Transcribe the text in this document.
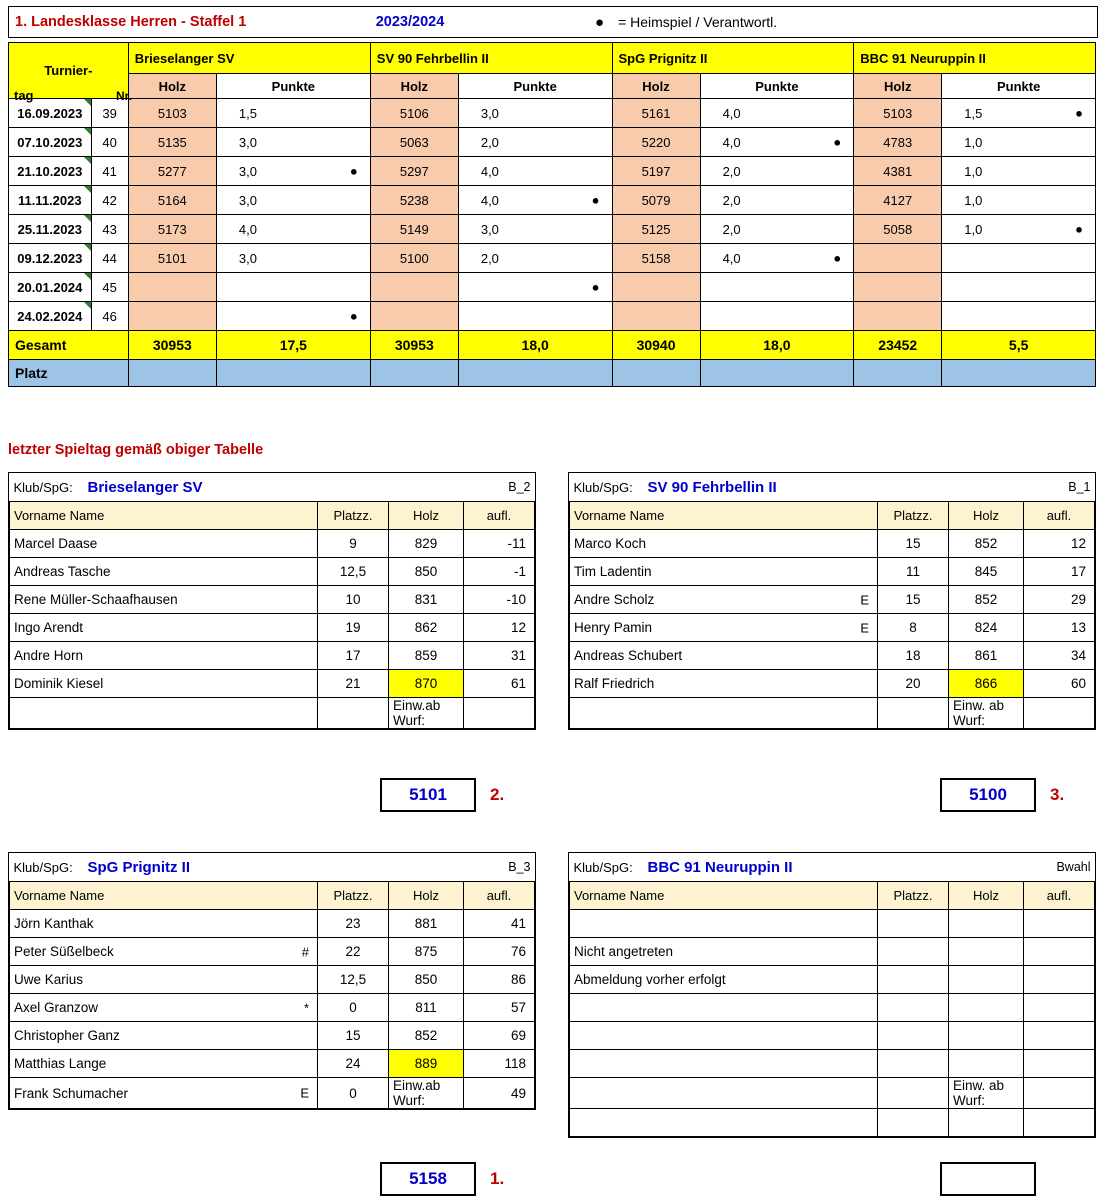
1. Landesklasse Herren - Staffel 1	2023/2024	● = Heimspiel / Verantwortl.
Turnier-		Brieselanger SV		SV 90 Fehrbellin II		SpG Prignitz II		BBC 91 Neuruppin II	
		Holz	Punkte	Holz	Punkte	Holz	Punkte	Holz	Punkte

16.09.2023	39	5103	1,5	5106	3,0	5161	4,0	5103	1,5 ●

07.10.2023	40	5135	3,0	5063	2,0	5220	4,0 ●	4783	1,0

21.10.2023	41	5277	3,0 ●	5297	4,0	5197	2,0	4381	1,0

11.11.2023	42	5164	3,0	5238	4,0 ●	5079	2,0	4127	1,0

25.11.2023	43	5173	4,0	5149	3,0	5125	2,0	5058	1,0 ●

09.12.2023	44	5101	3,0	5100	2,0	5158	4,0 ●		

20.01.2024	45				●				

24.02.2024	46		●						

Gesamt		30953	17,5	30953	18,0	30940	18,0	23452	5,5
Platz									
tag	Nr.
letzter Spieltag gemäß obiger Tabelle
Klub/SpG:	Brieselanger SV	B_2		
Vorname Name		Platzz.	Holz	aufl.
Marcel Daase		9	829	-11
Andreas Tasche		12,5	850	-1
Rene Müller-Schaafhausen		10	831	-10
Ingo Arendt		19	862	12
Andre Horn		17	859	31
Dominik Kiesel		21	870	61
			Einw.ab Wurf:	
5101	2.
Klub/SpG:	SV 90 Fehrbellin II	B_1		
Vorname Name		Platzz.	Holz	aufl.
Marco Koch		15	852	12
Tim Ladentin		11	845	17
Andre Scholz E		15	852	29
Henry Pamin E		8	824	13
Andreas Schubert		18	861	34
Ralf Friedrich		20	866	60
			Einw. ab Wurf:	
5100	3.
Klub/SpG:	SpG Prignitz II	B_3		
Vorname Name		Platzz.	Holz	aufl.
Jörn Kanthak		23	881	41
Peter Süßelbeck #		22	875	76
Uwe Karius		12,5	850	86
Axel Granzow *		0	811	57
Christopher Ganz		15	852	69
Matthias Lange		24	889	118
Frank Schumacher E		0	Einw.ab Wurf:	49
5158	1.
Klub/SpG:	BBC 91 Neuruppin II	Bwahl		
Vorname Name		Platzz.	Holz	aufl.

Nicht angetreten				
Abmeldung vorher erfolgt				

			Einw. ab Wurf:	
